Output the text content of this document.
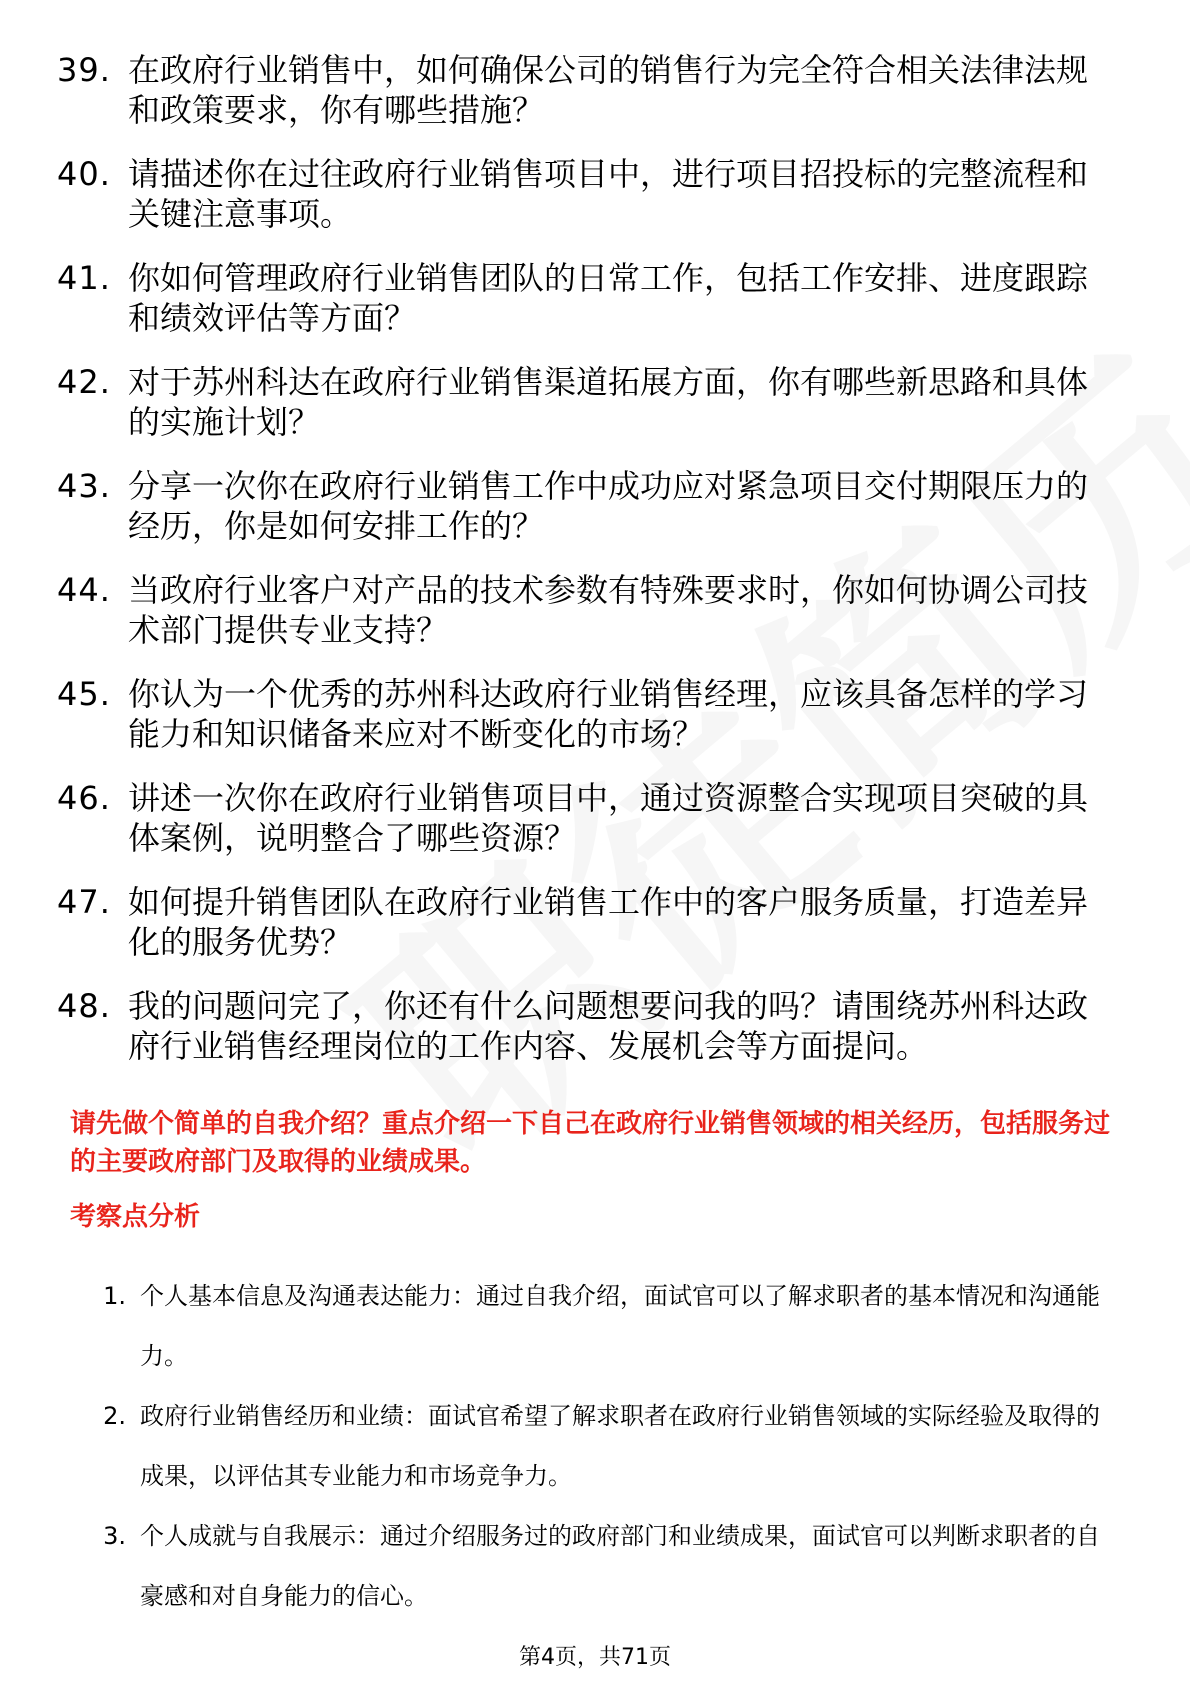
39. 在政府行业销售中，如何确保公司的销售行为完全符合相关法律法规和政策要求，你有哪些措施？
40. 请描述你在过往政府行业销售项目中，进行项目招投标的完整流程和关键注意事项。
41. 你如何管理政府行业销售团队的日常工作，包括工作安排、进度跟踪和绩效评估等方面？
42. 对于苏州科达在政府行业销售渠道拓展方面，你有哪些新思路和具体的实施计划？
43. 分享一次你在政府行业销售工作中成功应对紧急项目交付期限压力的经历，你是如何安排工作的？
44. 当政府行业客户对产品的技术参数有特殊要求时，你如何协调公司技术部门提供专业支持？
45. 你认为一个优秀的苏州科达政府行业销售经理，应该具备怎样的学习能力和知识储备来应对不断变化的市场？
46. 讲述一次你在政府行业销售项目中，通过资源整合实现项目突破的具体案例，说明整合了哪些资源？
47. 如何提升销售团队在政府行业销售工作中的客户服务质量，打造差异化的服务优势？
48. 我的问题问完了，你还有什么问题想要问我的吗？请围绕苏州科达政府行业销售经理岗位的工作内容、发展机会等方面提问。
请先做个简单的自我介绍？重点介绍一下自己在政府行业销售领域的相关经历，包括服务过的主要政府部门及取得的业绩成果。
考察点分析
1. 个人基本信息及沟通表达能力：通过自我介绍，面试官可以了解求职者的基本情况和沟通能力。
2. 政府行业销售经历和业绩：面试官希望了解求职者在政府行业销售领域的实际经验及取得的成果，以评估其专业能力和市场竞争力。
3. 个人成就与自我展示：通过介绍服务过的政府部门和业绩成果，面试官可以判断求职者的自豪感和对自身能力的信心。
第4页，共71页
